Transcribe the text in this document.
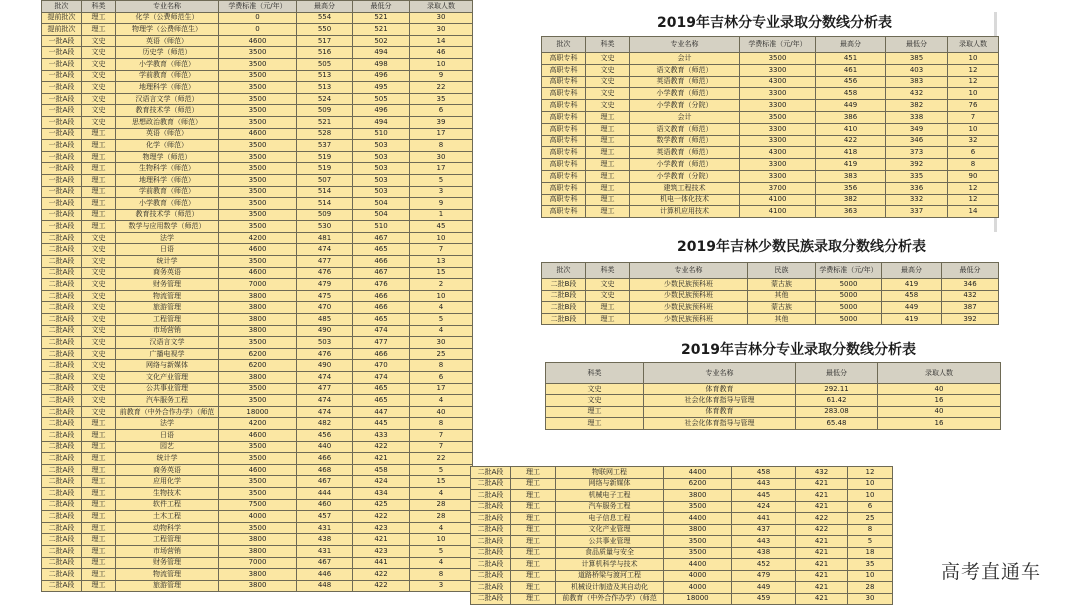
批次	科类	专业名称	学费标准（元/年）	最高分	最低分	录取人数
提前批次	理工	化学（公费师范生）	0	554	521	30
提前批次	理工	物理学（公费师范生）	0	550	521	30
一批A段	文史	英语（师范）	4600	517	502	14
一批A段	文史	历史学（师范）	3500	516	494	46
一批A段	文史	小学教育（师范）	3500	505	498	10
一批A段	文史	学前教育（师范）	3500	513	496	9
一批A段	文史	地理科学（师范）	3500	513	495	22
一批A段	文史	汉语言文学（师范）	3500	524	505	35
一批A段	文史	教育技术学（师范）	3500	509	496	6
一批A段	文史	思想政治教育（师范）	3500	521	494	39
一批A段	理工	英语（师范）	4600	528	510	17
一批A段	理工	化学（师范）	3500	537	503	8
一批A段	理工	物理学（师范）	3500	519	503	30
一批A段	理工	生物科学（师范）	3500	519	503	17
一批A段	理工	地理科学（师范）	3500	507	503	5
一批A段	理工	学前教育（师范）	3500	514	503	3
一批A段	理工	小学教育（师范）	3500	514	504	9
一批A段	理工	教育技术学（师范）	3500	509	504	1
一批A段	理工	数学与应用数学（师范）	3500	530	510	45
二批A段	文史	法学	4200	481	467	10
二批A段	文史	日语	4600	474	465	7
二批A段	文史	统计学	3500	477	466	13
二批A段	文史	商务英语	4600	476	467	15
二批A段	文史	财务管理	7000	479	476	2
二批A段	文史	物流管理	3800	475	466	10
二批A段	文史	旅游管理	3800	470	466	4
二批A段	文史	工程管理	3800	485	465	5
二批A段	文史	市场营销	3800	490	474	4
二批A段	文史	汉语言文学	3500	503	477	30
二批A段	文史	广播电视学	6200	476	466	25
二批A段	文史	网络与新媒体	6200	490	470	8
二批A段	文史	文化产业管理	3800	474	474	6
二批A段	文史	公共事业管理	3500	477	465	17
二批A段	文史	汽车服务工程	3500	474	465	4
二批A段	文史	前教育（中外合作办学）（师范	18000	474	447	40
二批A段	理工	法学	4200	482	445	8
二批A段	理工	日语	4600	456	433	7
二批A段	理工	园艺	3500	440	422	7
二批A段	理工	统计学	3500	466	421	22
二批A段	理工	商务英语	4600	468	458	5
二批A段	理工	应用化学	3500	467	424	15
二批A段	理工	生物技术	3500	444	434	4
二批A段	理工	软件工程	7500	460	425	28
二批A段	理工	土木工程	4000	457	422	28
二批A段	理工	动物科学	3500	431	423	4
二批A段	理工	工程管理	3800	438	421	10
二批A段	理工	市场营销	3800	431	423	5
二批A段	理工	财务管理	7000	467	441	4
二批A段	理工	物流管理	3800	446	422	8
二批A段	理工	旅游管理	3800	448	422	3
二批A段	理工	物联网工程	4400	458	432	12
二批A段	理工	网络与新媒体	6200	443	421	10
二批A段	理工	机械电子工程	3800	445	421	10
二批A段	理工	汽车服务工程	3500	424	421	6
二批A段	理工	电子信息工程	4400	441	422	25
二批A段	理工	文化产业管理	3800	437	422	8
二批A段	理工	公共事业管理	3500	443	421	5
二批A段	理工	食品质量与安全	3500	438	421	18
二批A段	理工	计算机科学与技术	4400	452	421	35
二批A段	理工	道路桥梁与渡河工程	4000	479	421	10
二批A段	理工	机械设计制造及其自动化	4000	449	421	28
二批A段	理工	前教育（中外合作办学）（师范	18000	459	421	30
2019年吉林分专业录取分数线分析表
批次	科类	专业名称	学费标准（元/年）	最高分	最低分	录取人数
高职专科	文史	会计	3500	451	385	10
高职专科	文史	语文教育（师范）	3300	461	403	12
高职专科	文史	英语教育（师范）	4300	456	383	12
高职专科	文史	小学教育（师范）	3300	458	432	10
高职专科	文史	小学教育（分院）	3300	449	382	76
高职专科	理工	会计	3500	386	338	7
高职专科	理工	语文教育（师范）	3300	410	349	10
高职专科	理工	数学教育（师范）	3300	422	346	32
高职专科	理工	英语教育（师范）	4300	418	373	6
高职专科	理工	小学教育（师范）	3300	419	392	8
高职专科	理工	小学教育（分院）	3300	383	335	90
高职专科	理工	建筑工程技术	3700	356	336	12
高职专科	理工	机电一体化技术	4100	382	332	12
高职专科	理工	计算机应用技术	4100	363	337	14
2019年吉林少数民族录取分数线分析表
批次	科类	专业名称	民族	学费标准（元/年）	最高分	最低分
二批B段	文史	少数民族预科班	蒙古族	5000	419	346
二批B段	文史	少数民族预科班	其他	5000	458	432
二批B段	理工	少数民族预科班	蒙古族	5000	449	387
二批B段	理工	少数民族预科班	其他	5000	419	392
2019年吉林分专业录取分数线分析表
科类	专业名称	最低分	录取人数
文史	体育教育	292.11	40
文史	社会化体育指导与管理	61.42	16
理工	体育教育	283.08	40
理工	社会化体育指导与管理	65.48	16
高考直通车
